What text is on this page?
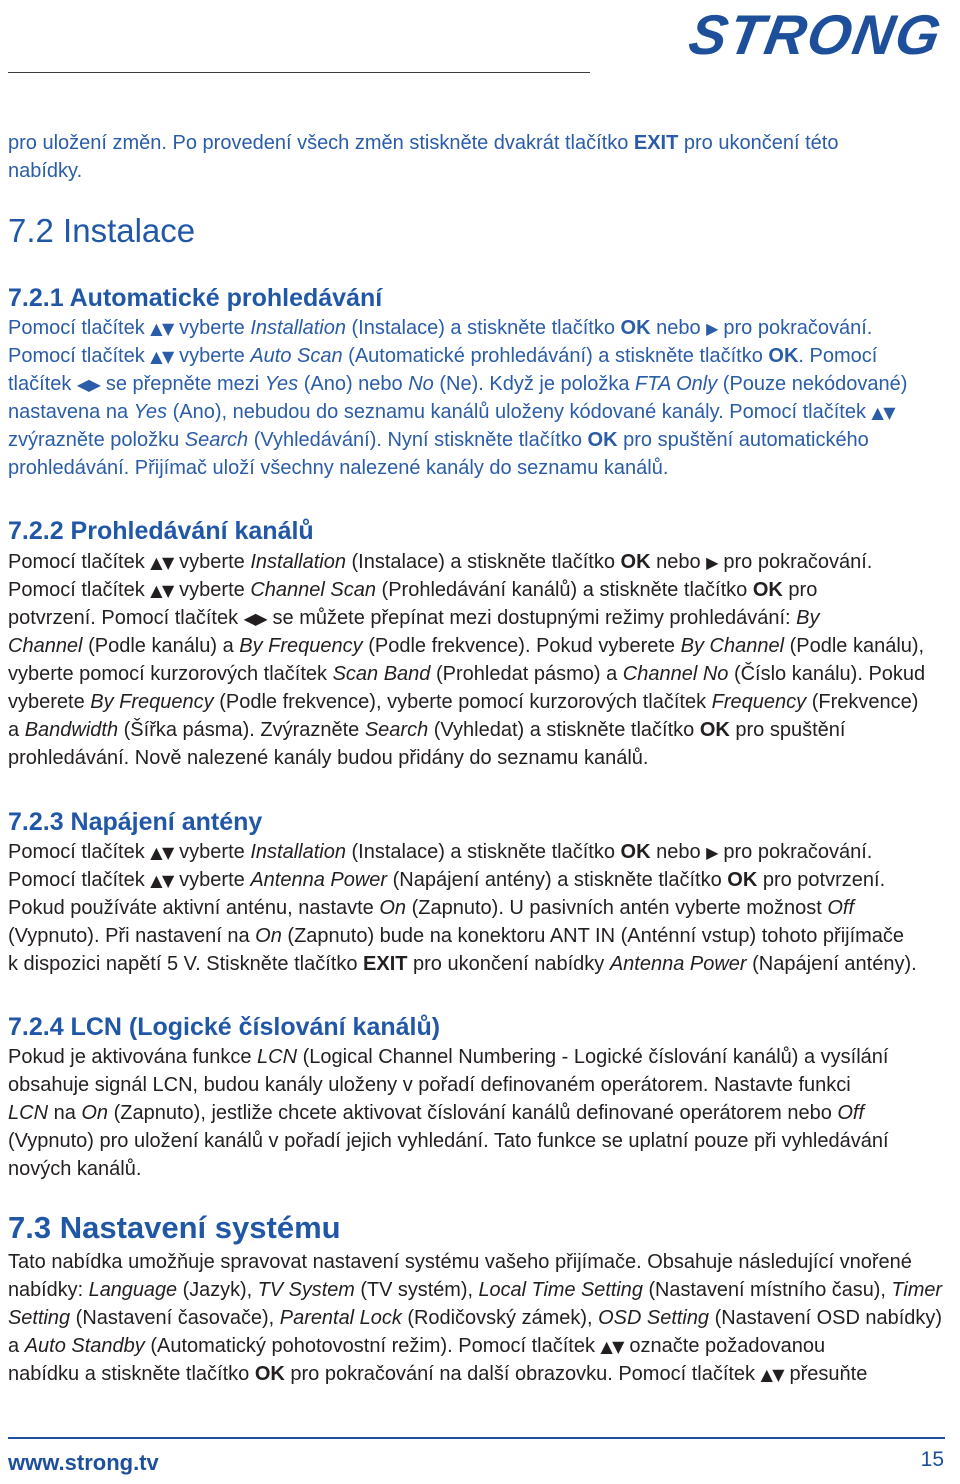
STRONG
pro uložení změn. Po provedení všech změn stiskněte dvakrát tlačítko EXIT pro ukončení této
nabídky.
7.2 Instalace
7.2.1 Automatické prohledávání
Pomocí tlačítek ▲▼ vyberte Installation (Instalace) a stiskněte tlačítko OK nebo ▶ pro pokračování.
Pomocí tlačítek ▲▼ vyberte Auto Scan (Automatické prohledávání) a stiskněte tlačítko OK. Pomocí
tlačítek ◀▶ se přepněte mezi Yes (Ano) nebo No (Ne). Když je položka FTA Only (Pouze nekódované)
nastavena na Yes (Ano), nebudou do seznamu kanálů uloženy kódované kanály. Pomocí tlačítek ▲▼
zvýrazněte položku Search (Vyhledávání). Nyní stiskněte tlačítko OK pro spuštění automatického
prohledávání. Přijímač uloží všechny nalezené kanály do seznamu kanálů.
7.2.2 Prohledávání kanálů
Pomocí tlačítek ▲▼ vyberte Installation (Instalace) a stiskněte tlačítko OK nebo ▶ pro pokračování.
Pomocí tlačítek ▲▼ vyberte Channel Scan (Prohledávání kanálů) a stiskněte tlačítko OK pro
potvrzení. Pomocí tlačítek ◀▶ se můžete přepínat mezi dostupnými režimy prohledávání: By
Channel (Podle kanálu) a By Frequency (Podle frekvence). Pokud vyberete By Channel (Podle kanálu),
vyberte pomocí kurzorových tlačítek Scan Band (Prohledat pásmo) a Channel No (Číslo kanálu). Pokud
vyberete By Frequency (Podle frekvence), vyberte pomocí kurzorových tlačítek Frequency (Frekvence)
a Bandwidth (Šířka pásma). Zvýrazněte Search (Vyhledat) a stiskněte tlačítko OK pro spuštění
prohledávání. Nově nalezené kanály budou přidány do seznamu kanálů.
7.2.3 Napájení antény
Pomocí tlačítek ▲▼ vyberte Installation (Instalace) a stiskněte tlačítko OK nebo ▶ pro pokračování.
Pomocí tlačítek ▲▼ vyberte Antenna Power (Napájení antény) a stiskněte tlačítko OK pro potvrzení.
Pokud používáte aktivní anténu, nastavte On (Zapnuto). U pasivních antén vyberte možnost Off
(Vypnuto). Při nastavení na On (Zapnuto) bude na konektoru ANT IN (Anténní vstup) tohoto přijímače
k dispozici napětí 5 V. Stiskněte tlačítko EXIT pro ukončení nabídky Antenna Power (Napájení antény).
7.2.4 LCN (Logické číslování kanálů)
Pokud je aktivována funkce LCN (Logical Channel Numbering - Logické číslování kanálů) a vysílání
obsahuje signál LCN, budou kanály uloženy v pořadí definovaném operátorem. Nastavte funkci
LCN na On (Zapnuto), jestliže chcete aktivovat číslování kanálů definované operátorem nebo Off
(Vypnuto) pro uložení kanálů v pořadí jejich vyhledání. Tato funkce se uplatní pouze při vyhledávání
nových kanálů.
7.3 Nastavení systému
Tato nabídka umožňuje spravovat nastavení systému vašeho přijímače. Obsahuje následující vnořené
nabídky: Language (Jazyk), TV System (TV systém), Local Time Setting (Nastavení místního času), Timer
Setting (Nastavení časovače), Parental Lock (Rodičovský zámek), OSD Setting (Nastavení OSD nabídky)
a Auto Standby (Automatický pohotovostní režim). Pomocí tlačítek ▲▼ označte požadovanou
nabídku a stiskněte tlačítko OK pro pokračování na další obrazovku. Pomocí tlačítek ▲▼ přesuňte
www.strong.tv	15
